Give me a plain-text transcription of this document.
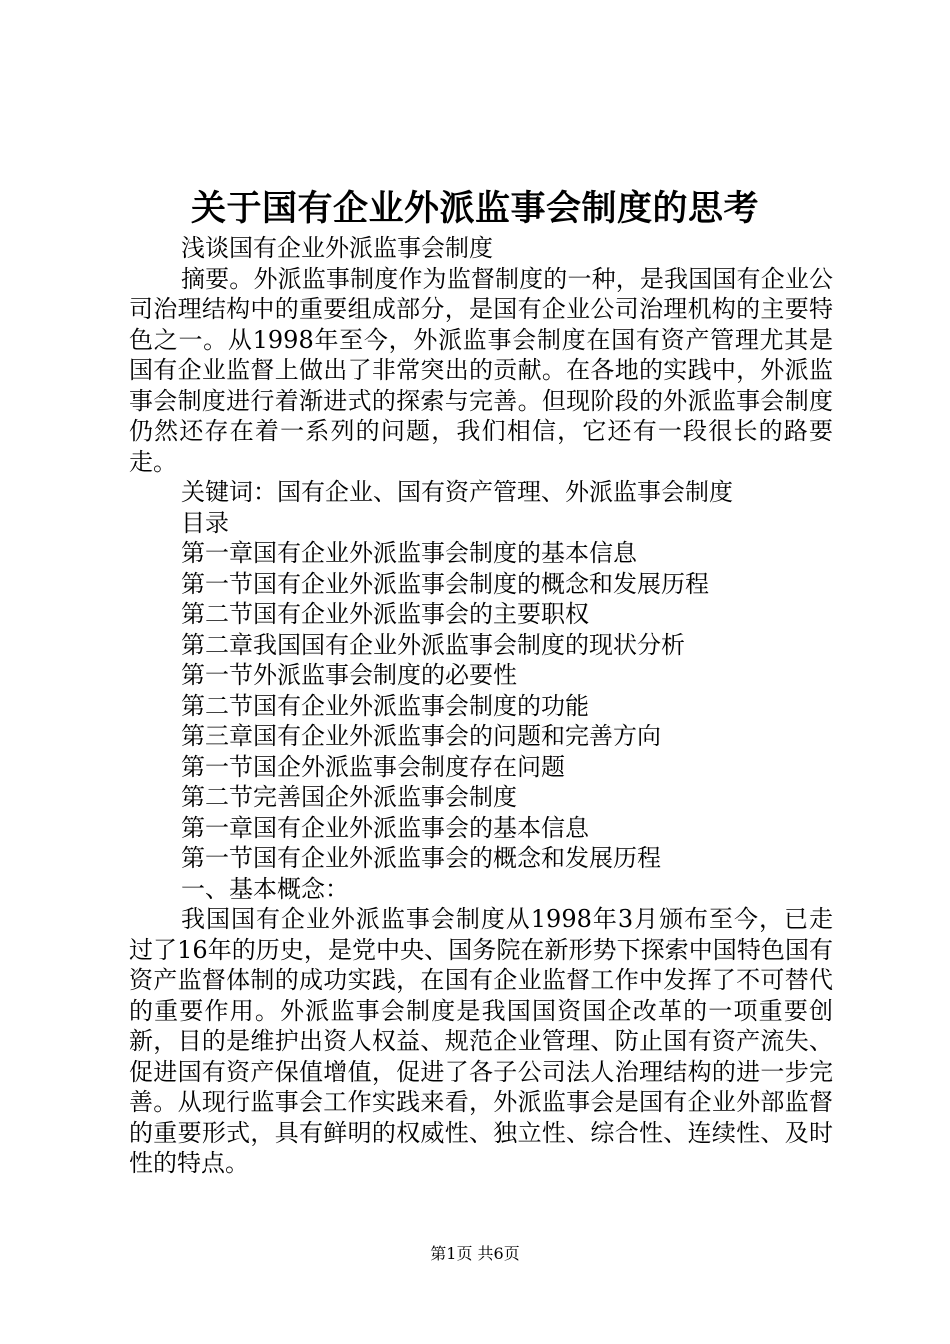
关于国有企业外派监事会制度的思考
浅谈国有企业外派监事会制度
摘要。外派监事制度作为监督制度的一种，是我国国有企业公司治理结构中的重要组成部分，是国有企业公司治理机构的主要特色之一。从1998年至今，外派监事会制度在国有资产管理尤其是国有企业监督上做出了非常突出的贡献。在各地的实践中，外派监事会制度进行着渐进式的探索与完善。但现阶段的外派监事会制度仍然还存在着一系列的问题，我们相信，它还有一段很长的路要走。
关键词：国有企业、国有资产管理、外派监事会制度
目录
第一章国有企业外派监事会制度的基本信息
第一节国有企业外派监事会制度的概念和发展历程
第二节国有企业外派监事会的主要职权
第二章我国国有企业外派监事会制度的现状分析
第一节外派监事会制度的必要性
第二节国有企业外派监事会制度的功能
第三章国有企业外派监事会的问题和完善方向
第一节国企外派监事会制度存在问题
第二节完善国企外派监事会制度
第一章国有企业外派监事会的基本信息
第一节国有企业外派监事会的概念和发展历程
一、基本概念：
我国国有企业外派监事会制度从1998年3月颁布至今，已走过了16年的历史，是党中央、国务院在新形势下探索中国特色国有资产监督体制的成功实践，在国有企业监督工作中发挥了不可替代的重要作用。外派监事会制度是我国国资国企改革的一项重要创新，目的是维护出资人权益、规范企业管理、防止国有资产流失、促进国有资产保值增值，促进了各子公司法人治理结构的进一步完善。从现行监事会工作实践来看，外派监事会是国有企业外部监督的重要形式，具有鲜明的权威性、独立性、综合性、连续性、及时性的特点。
第1页 共6页
